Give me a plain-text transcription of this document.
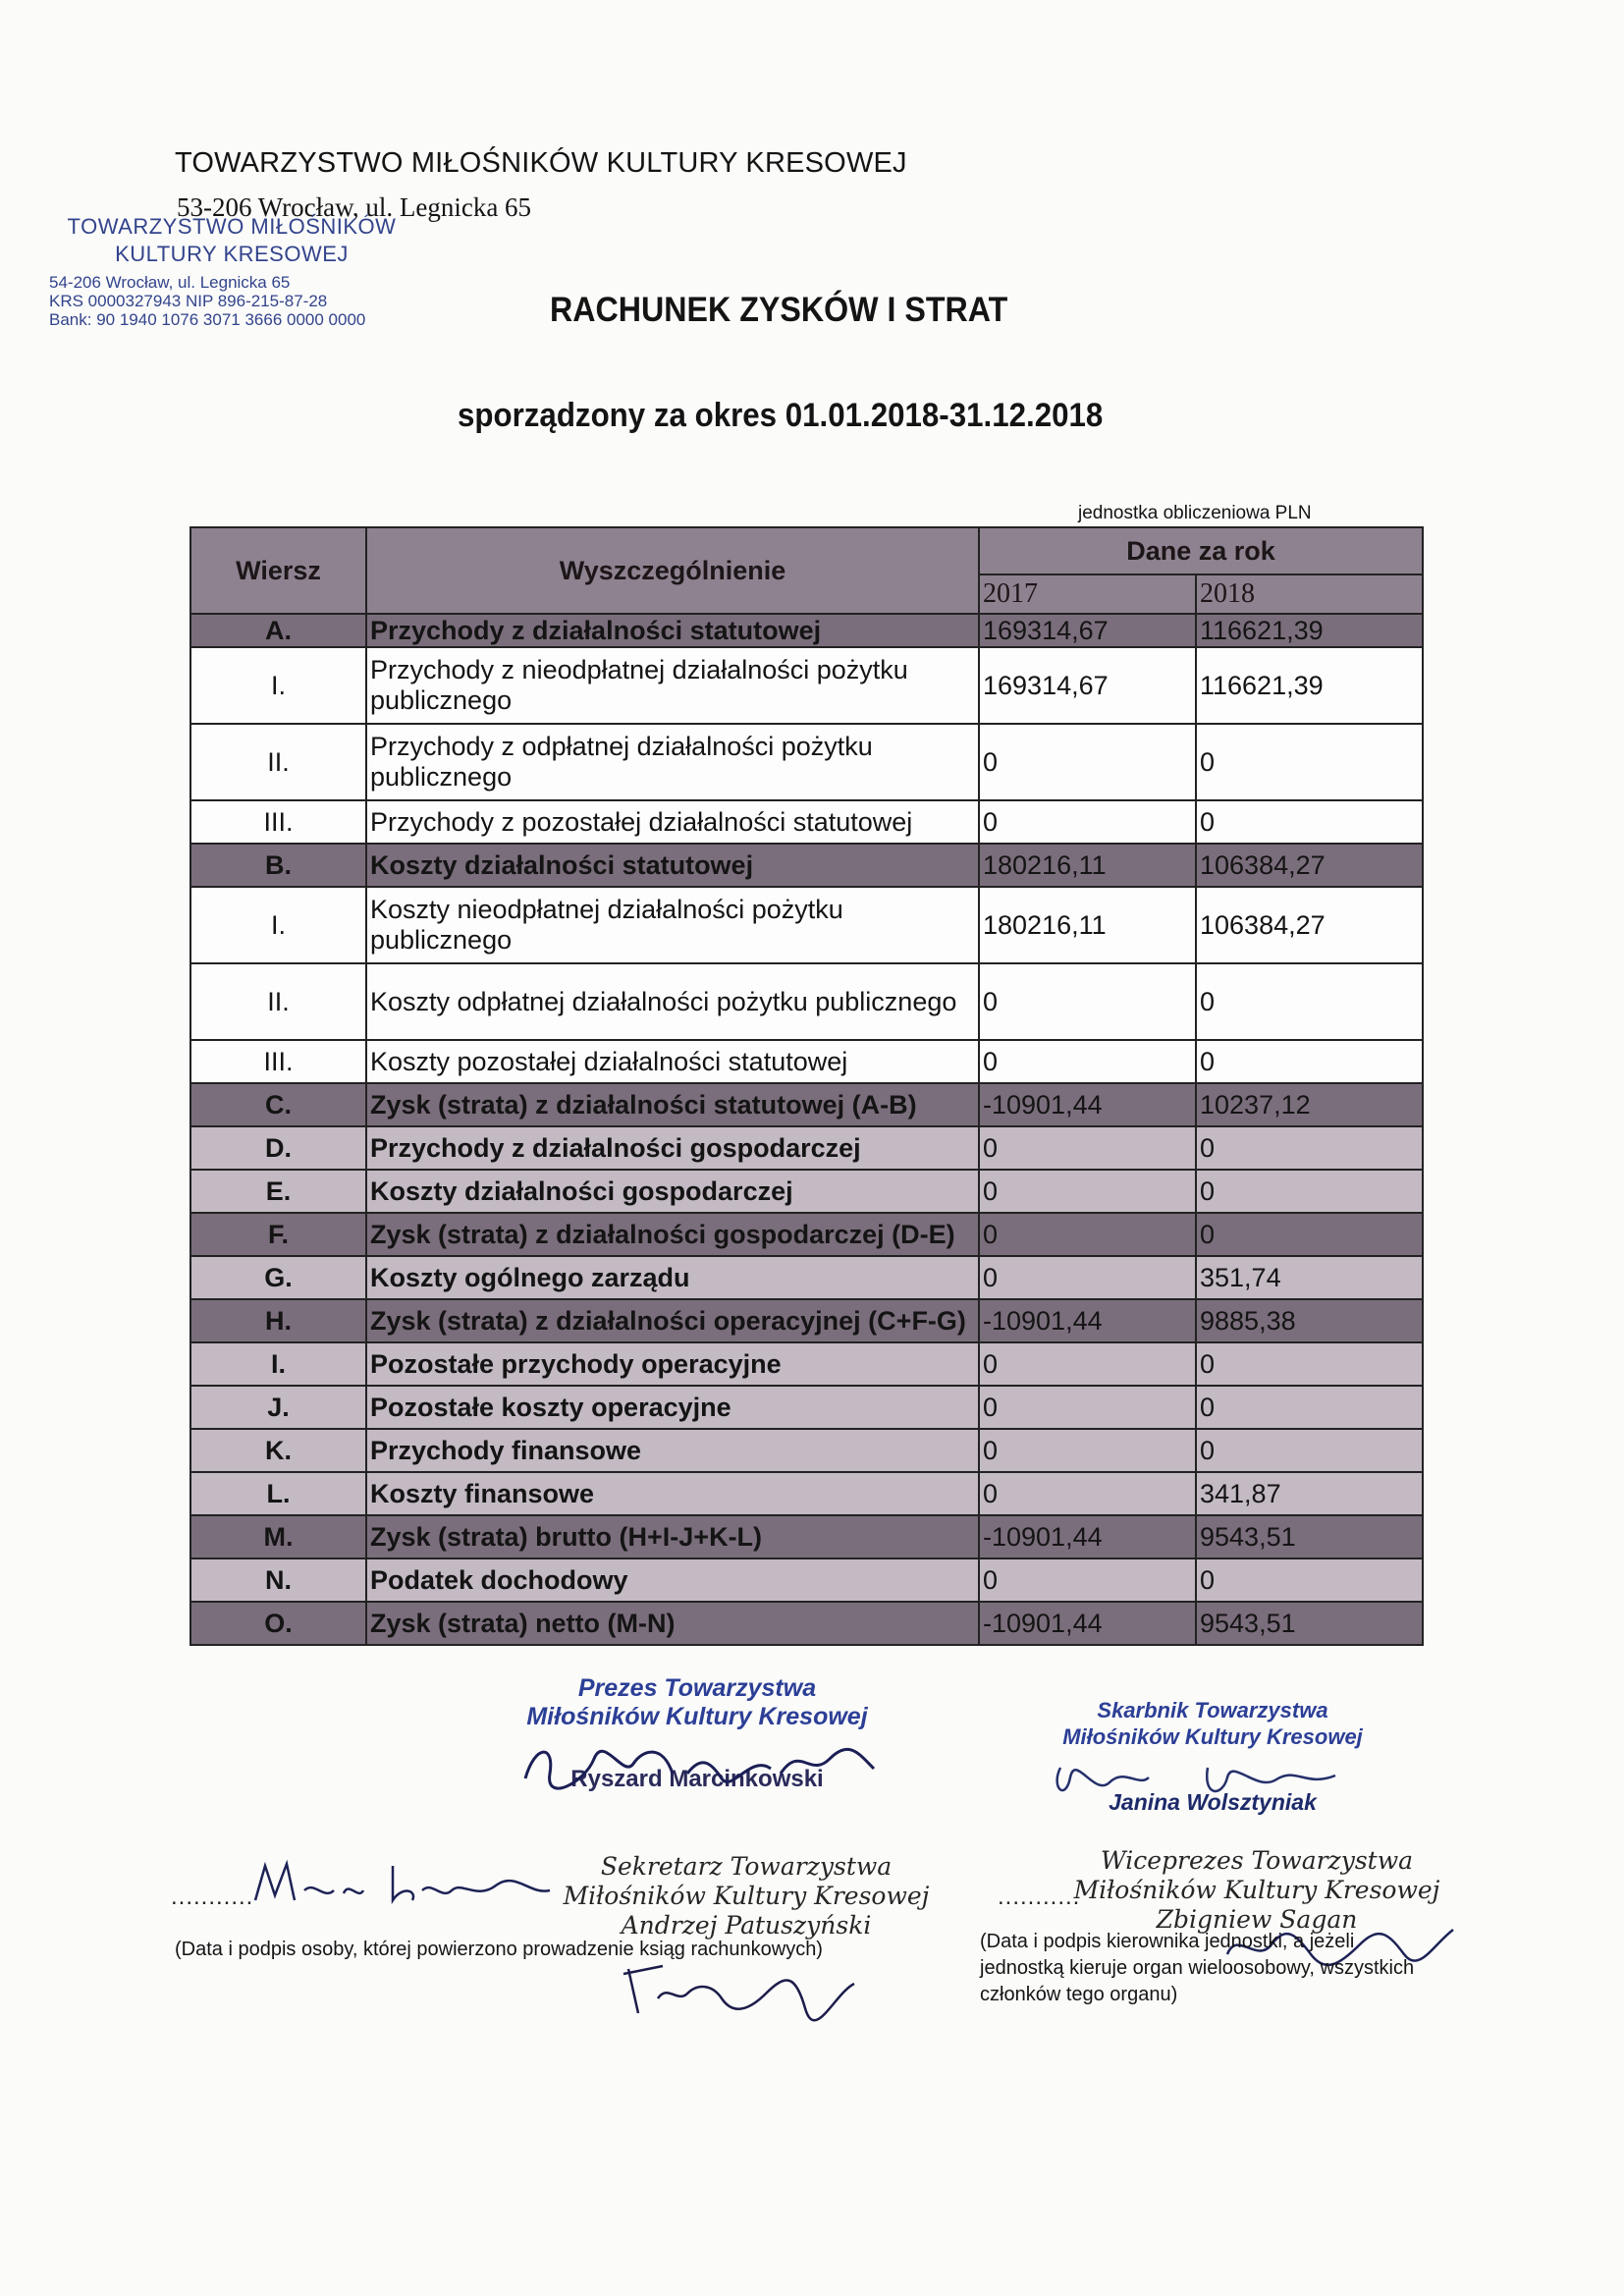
TOWARZYSTWO MIŁOŚNIKÓW KULTURY KRESOWEJ
53-206 Wrocław, ul. Legnicka 65
TOWARZYSTWO MIŁOŚNIKÓW
KULTURY KRESOWEJ
54-206 Wrocław, ul. Legnicka 65
KRS 0000327943 NIP 896-215-87-28
Bank: 90 1940 1076 3071 3666 0000 0000	RACHUNEK ZYSKÓW I STRAT
sporządzony za okres 01.01.2018-31.12.2018
jednostka obliczeniowa PLN
Wiersz	Wyszczególnienie	Dane za rok	
		2017	2018
A.	Przychody z działalności statutowej	169314,67	116621,39
I.	Przychody z nieodpłatnej działalności pożytku publicznego	169314,67	116621,39
II.	Przychody z odpłatnej działalności pożytku publicznego	0	0
III.	Przychody z pozostałej działalności statutowej	0	0
B.	Koszty działalności statutowej	180216,11	106384,27
I.	Koszty nieodpłatnej działalności pożytku publicznego	180216,11	106384,27
II.	Koszty odpłatnej działalności pożytku publicznego	0	0
III.	Koszty pozostałej działalności statutowej	0	0
C.	Zysk (strata) z działalności statutowej (A-B)	-10901,44	10237,12
D.	Przychody z działalności gospodarczej	0	0
E.	Koszty działalności gospodarczej	0	0
F.	Zysk (strata) z działalności gospodarczej (D-E)	0	0
G.	Koszty ogólnego zarządu	0	351,74
H.	Zysk (strata) z działalności operacyjnej (C+F-G)	-10901,44	9885,38
I.	Pozostałe przychody operacyjne	0	0
J.	Pozostałe koszty operacyjne	0	0
K.	Przychody finansowe	0	0
L.	Koszty finansowe	0	341,87
M.	Zysk (strata) brutto (H+I-J+K-L)	-10901,44	9543,51
N.	Podatek dochodowy	0	0
O.	Zysk (strata) netto (M-N)	-10901,44	9543,51
Prezes Towarzystwa
Miłośników Kultury Kresowej
Ryszard Marcinkowski
Skarbnik Towarzystwa
Miłośników Kultury Kresowej
Janina Wolsztyniak
Sekretarz Towarzystwa
Miłośników Kultury Kresowej
Andrzej Patuszyński
Wiceprezes Towarzystwa
Miłośników Kultury Kresowej
Zbigniew Sagan
...........	...........
(Data i podpis osoby, której powierzono prowadzenie ksiąg rachunkowych)	(Data i podpis kierownika jednostki, a jeżeli jednostką kieruje organ wieloosobowy, wszystkich członków tego organu)
